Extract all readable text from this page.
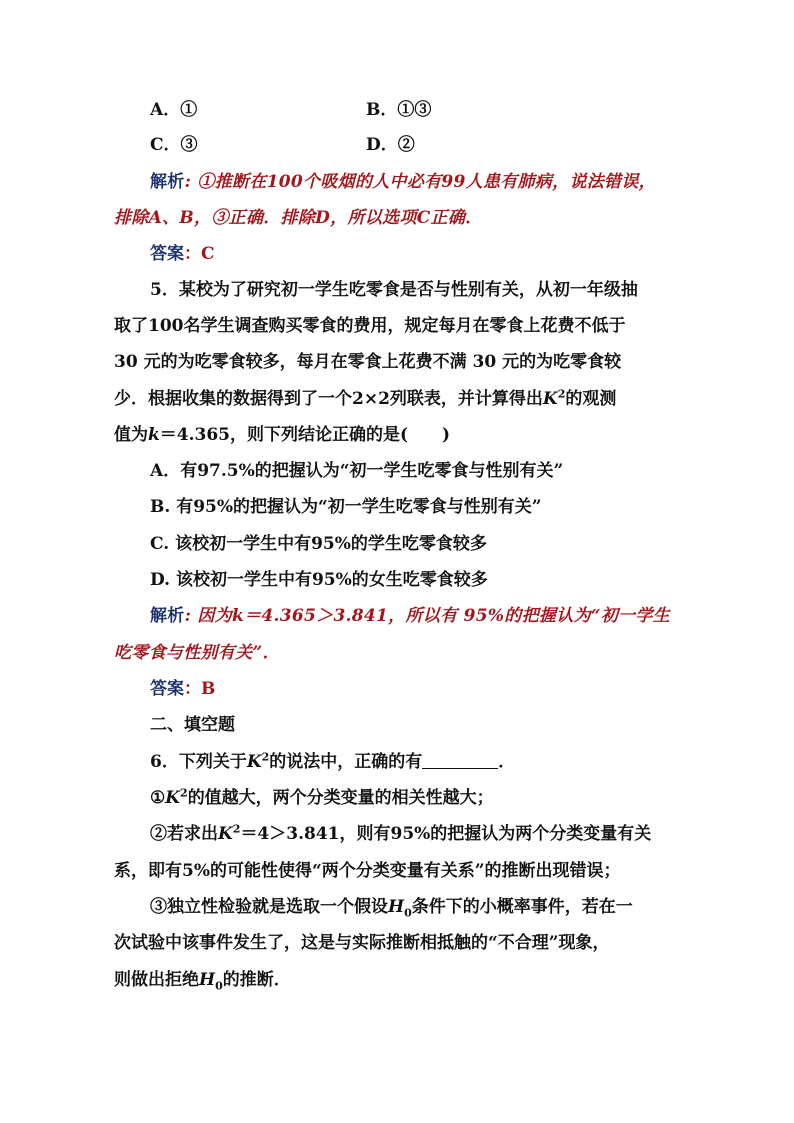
A．①	B．①③
C．③	D．②
解析: ①推断在100个吸烟的人中必有99人患有肺病，说法错误，
排除A、B，③正确．排除D，所以选项C正确．
答案：C
5．某校为了研究初一学生吃零食是否与性别有关，从初一年级抽
取了100名学生调查购买零食的费用，规定每月在零食上花费不低于
30 元的为吃零食较多，每月在零食上花费不满 30 元的为吃零食较
少．根据收集的数据得到了一个2×2列联表，并计算得出$K^2$的观测
值为k＝4.365，则下列结论正确的是(　　)
A．有97.5%的把握认为“初一学生吃零食与性别有关”
B. 有95%的把握认为“初一学生吃零食与性别有关”
C. 该校初一学生中有95%的学生吃零食较多
D. 该校初一学生中有95%的女生吃零食较多
解析: 因为k＝4.365＞3.841，所以有 95%的把握认为“初一学生
吃零食与性别有关”．
答案：B
二、填空题
6．下列关于$K^2$的说法中，正确的有	．
$①K^2$的值越大，两个分类变量的相关性越大；
②若求出$K^2=4>3.841$，则有95%的把握认为两个分类变量有关
系，即有5%的可能性使得“两个分类变量有关系”的推断出现错误；
③独立性检验就是选取一个假设$H_0$条件下的小概率事件，若在一
次试验中该事件发生了，这是与实际推断相抵触的“不合理”现象，
则做出拒绝$H_0$的推断．
